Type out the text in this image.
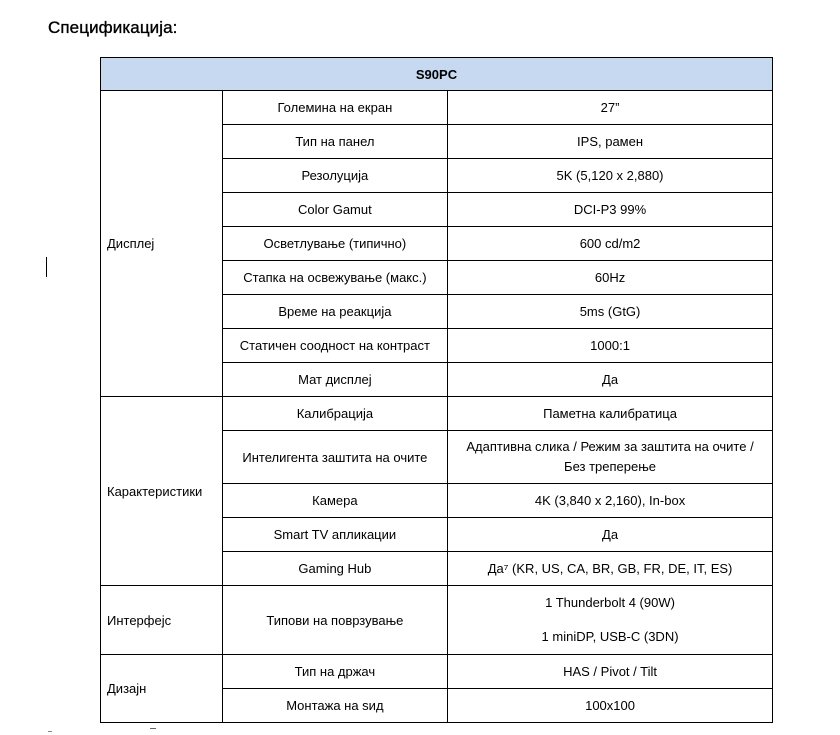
Спецификација:
S90PC		
Дисплеј	Големина на екран	27”
	Тип на панел	IPS, рамен
	Резолуција	5K (5,120 x 2,880)
	Color Gamut	DCI-P3 99%
	Осветлување (типично)	600 cd/m2
	Стапка на освежување (макс.)	60Hz
	Време на реакција	5ms (GtG)
	Статичен соодност на контраст	1000:1
	Мат дисплеј	Да
Карактеристики	Калибрација	Паметна калибратица
	Интелигента заштита на очите	Адаптивна слика / Режим за заштита на очите /
Без треперење

	Камера	4K (3,840 x 2,160), In-box
	Smart TV апликации	Да
	Gaming Hub	Да⁷ (KR, US, CA, BR, GB, FR, DE, IT, ES)
Интерфејс	Типови на поврзување	1 Thunderbolt 4 (90W)
1 miniDP, USB-C (3DN)

Дизајн	Тип на држач	HAS / Pivot / Tilt
	Монтажа на ѕид	100x100
